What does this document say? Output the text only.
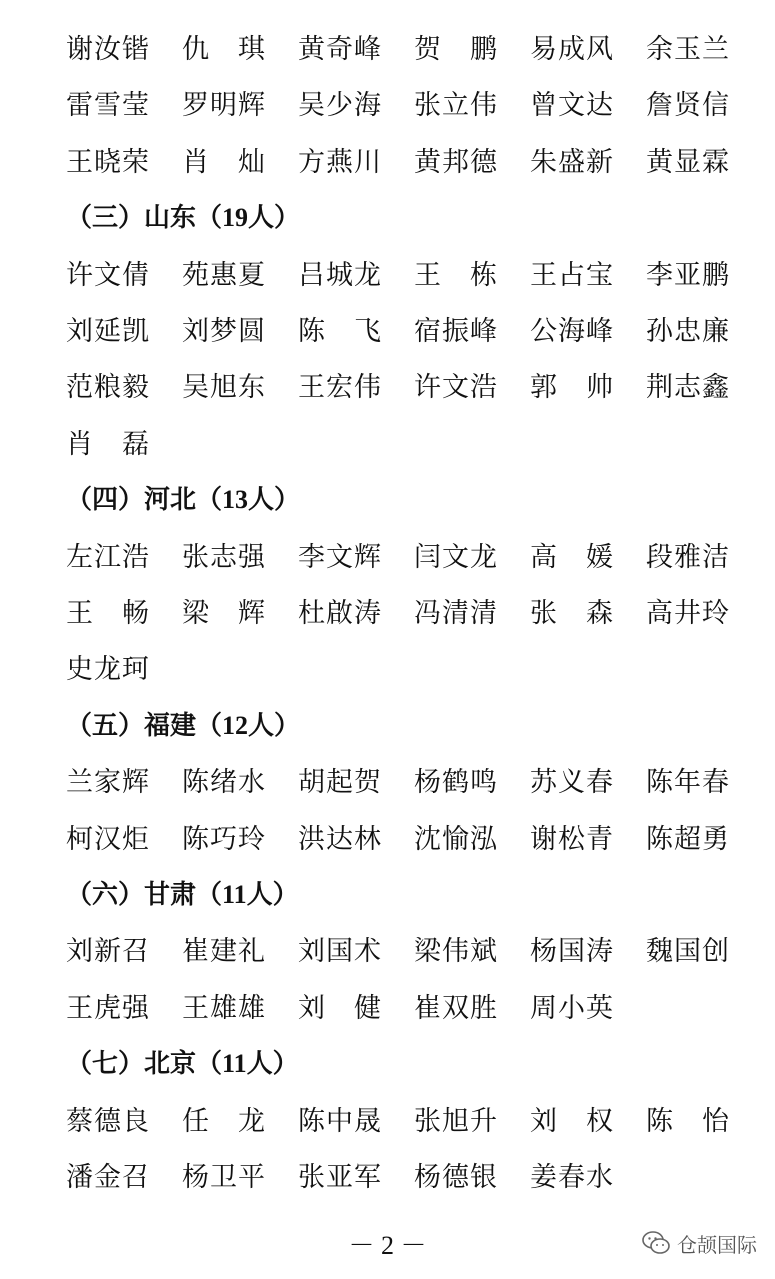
谢汝锴	仇　琪	黄奇峰	贺　鹏	易成风	余玉兰
雷雪莹	罗明辉	吴少海	张立伟	曾文达	詹贤信
王晓荣	肖　灿	方燕川	黄邦德	朱盛新	黄显霖
（三）山东（19人）
许文倩	苑惠夏	吕城龙	王　栋	王占宝	李亚鹏
刘延凯	刘梦圆	陈　飞	宿振峰	公海峰	孙忠廉
范粮毅	吴旭东	王宏伟	许文浩	郭　帅	荆志鑫
肖　磊
（四）河北（13人）
左江浩	张志强	李文辉	闫文龙	高　媛	段雅洁
王　畅	梁　辉	杜啟涛	冯清清	张　森	高井玲
史龙珂
（五）福建（12人）
兰家辉	陈绪水	胡起贺	杨鹤鸣	苏义春	陈年春
柯汉炬	陈巧玲	洪达林	沈愉泓	谢松青	陈超勇
（六）甘肃（11人）
刘新召	崔建礼	刘国术	梁伟斌	杨国涛	魏国创
王虎强	王雄雄	刘　健	崔双胜	周小英
（七）北京（11人）
蔡德良	任　龙	陈中晟	张旭升	刘　权	陈　怡
潘金召	杨卫平	张亚军	杨德银	姜春水
－ 2 －	仓颉国际
